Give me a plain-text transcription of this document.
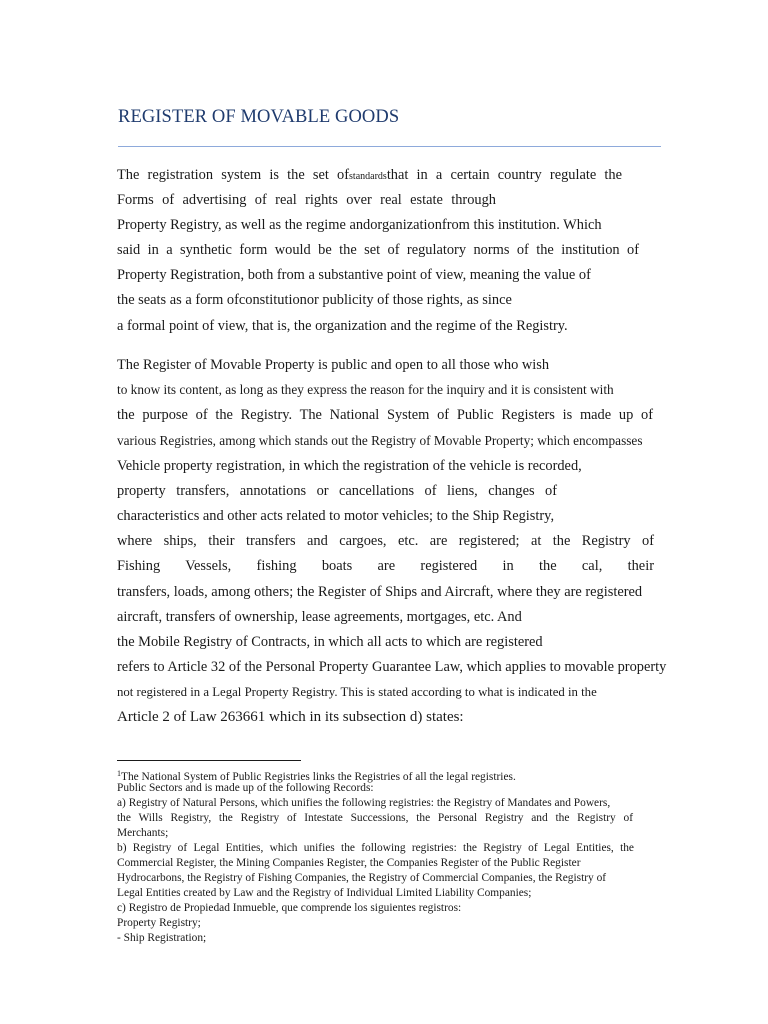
REGISTER OF MOVABLE GOODS
The registration system is the set ofstandardsthat in a certain country regulate the
Forms of advertising of real rights over real estate through
Property Registry, as well as the regime andorganizationfrom this institution. Which
said in a synthetic form would be the set of regulatory norms of the institution of
Property Registration, both from a substantive point of view, meaning the value of
the seats as a form ofconstitutionor publicity of those rights, as since
a formal point of view, that is, the organization and the regime of the Registry.
The Register of Movable Property is public and open to all those who wish
to know its content, as long as they express the reason for the inquiry and it is consistent with
the purpose of the Registry. The National System of Public Registers is made up of
various Registries, among which stands out the Registry of Movable Property; which encompasses
Vehicle property registration, in which the registration of the vehicle is recorded,
property transfers, annotations or cancellations of liens, changes of
characteristics and other acts related to motor vehicles; to the Ship Registry,
where ships, their transfers and cargoes, etc. are registered; at the Registry of
Fishing Vessels, fishing boats are registered in the cal, their
transfers, loads, among others; the Register of Ships and Aircraft, where they are registered
aircraft, transfers of ownership, lease agreements, mortgages, etc. And
the Mobile Registry of Contracts, in which all acts to which are registered
refers to Article 32 of the Personal Property Guarantee Law, which applies to movable property
not registered in a Legal Property Registry. This is stated according to what is indicated in the
Article 2 of Law 263661 which in its subsection d) states:
$^1$The National System of Public Registries links the Registries of all the legal registries.
Public Sectors and is made up of the following Records:
a) Registry of Natural Persons, which unifies the following registries: the Registry of Mandates and Powers,
the Wills Registry, the Registry of Intestate Successions, the Personal Registry and the Registry of
Merchants;
b) Registry of Legal Entities, which unifies the following registries: the Registry of Legal Entities, the
Commercial Register, the Mining Companies Register, the Companies Register of the Public Register
Hydrocarbons, the Registry of Fishing Companies, the Registry of Commercial Companies, the Registry of
Legal Entities created by Law and the Registry of Individual Limited Liability Companies;
c) Registro de Propiedad Inmueble, que comprende los siguientes registros:
Property Registry;
- Ship Registration;
